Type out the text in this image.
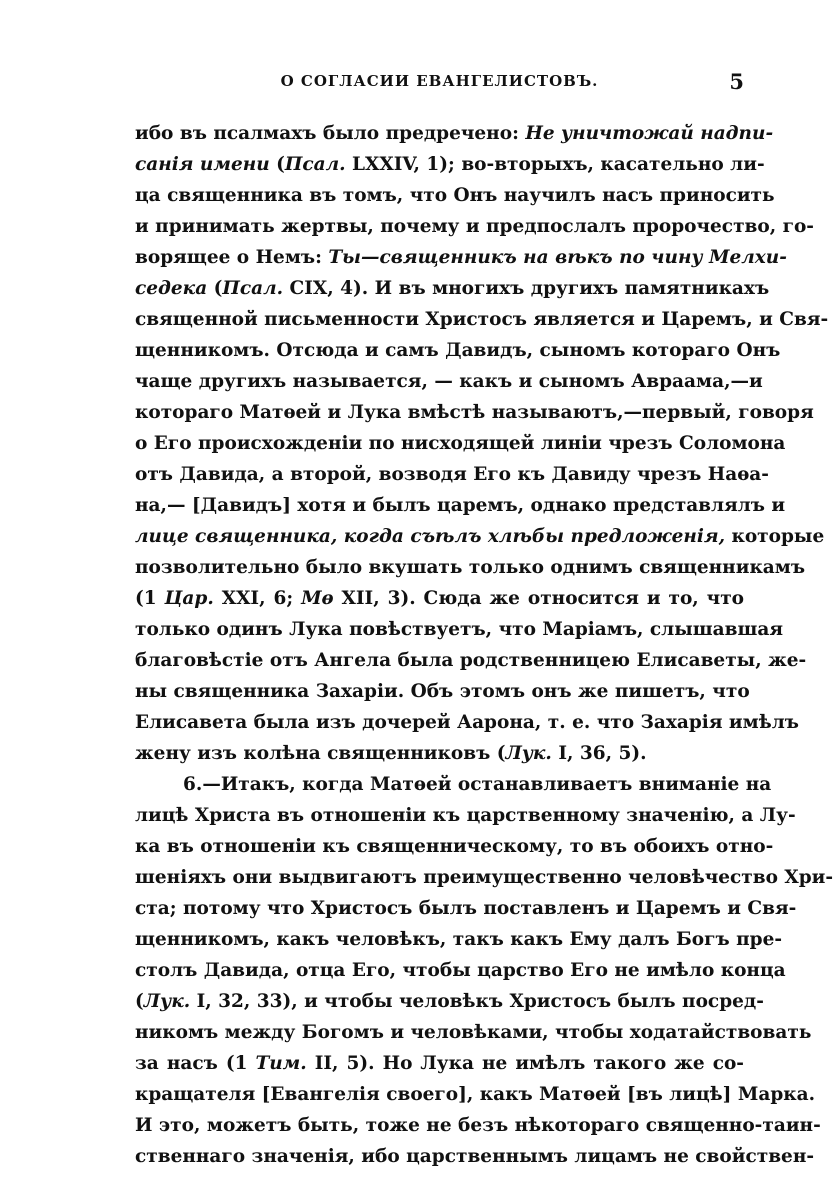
О СОГЛАСИИ ЕВАНГЕЛИСТОВЪ.	5
ибо въ псалмахъ было предречено: Не уничтожай надпи-
санія имени (Псал. LXXIV, 1); во-вторыхъ, касательно ли-
ца священника въ томъ, что Онъ научилъ насъ приносить
и принимать жертвы, почему и предпослалъ пророчество, го-
ворящее о Немъ: Ты—священникъ на вѣкъ по чину Мелхи-
седека (Псал. CIX, 4). И въ многихъ другихъ памятникахъ
священной письменности Христосъ является и Царемъ, и Свя-
щенникомъ. Отсюда и самъ Давидъ, сыномъ котораго Онъ
чаще другихъ называется, — какъ и сыномъ Авраама,—и
котораго Матѳей и Лука вмѣстѣ называютъ,—первый, говоря
о Его происхожденіи по нисходящей линіи чрезъ Соломона
отъ Давида, а второй, возводя Его къ Давиду чрезъ Наѳа-
на,— [Давидъ] хотя и былъ царемъ, однако представлялъ и
лице священника, когда съѣлъ хлѣбы предложенія, которые
позволительно было вкушать только однимъ священникамъ
(1 Цар. XXI, 6; Мѳ XII, 3). Сюда же относится и то, что
только одинъ Лука повѣствуетъ, что Маріамъ, слышавшая
благовѣстіе отъ Ангела была родственницею Елисаветы, же-
ны священника Захаріи. Объ этомъ онъ же пишетъ, что
Елисавета была изъ дочерей Аарона, т. е. что Захарія имѣлъ
жену изъ колѣна священниковъ (Лук. I, 36, 5).
6.—Итакъ, когда Матѳей останавливаетъ вниманіе на
лицѣ Христа въ отношеніи къ царственному значенію, а Лу-
ка въ отношеніи къ священническому, то въ обоихъ отно-
шеніяхъ они выдвигаютъ преимущественно человѣчество Хри-
ста; потому что Христосъ былъ поставленъ и Царемъ и Свя-
щенникомъ, какъ человѣкъ, такъ какъ Ему далъ Богъ пре-
столъ Давида, отца Его, чтобы царство Его не имѣло конца
(Лук. I, 32, 33), и чтобы человѣкъ Христосъ былъ посред-
никомъ между Богомъ и человѣками, чтобы ходатайствовать
за насъ (1 Тим. II, 5). Но Лука не имѣлъ такого же со-
кращателя [Евангелія своего], какъ Матѳей [въ лицѣ] Марка.
И это, можетъ быть, тоже не безъ нѣкотораго священно-таин-
ственнаго значенія, ибо царственнымъ лицамъ не свойствен-
